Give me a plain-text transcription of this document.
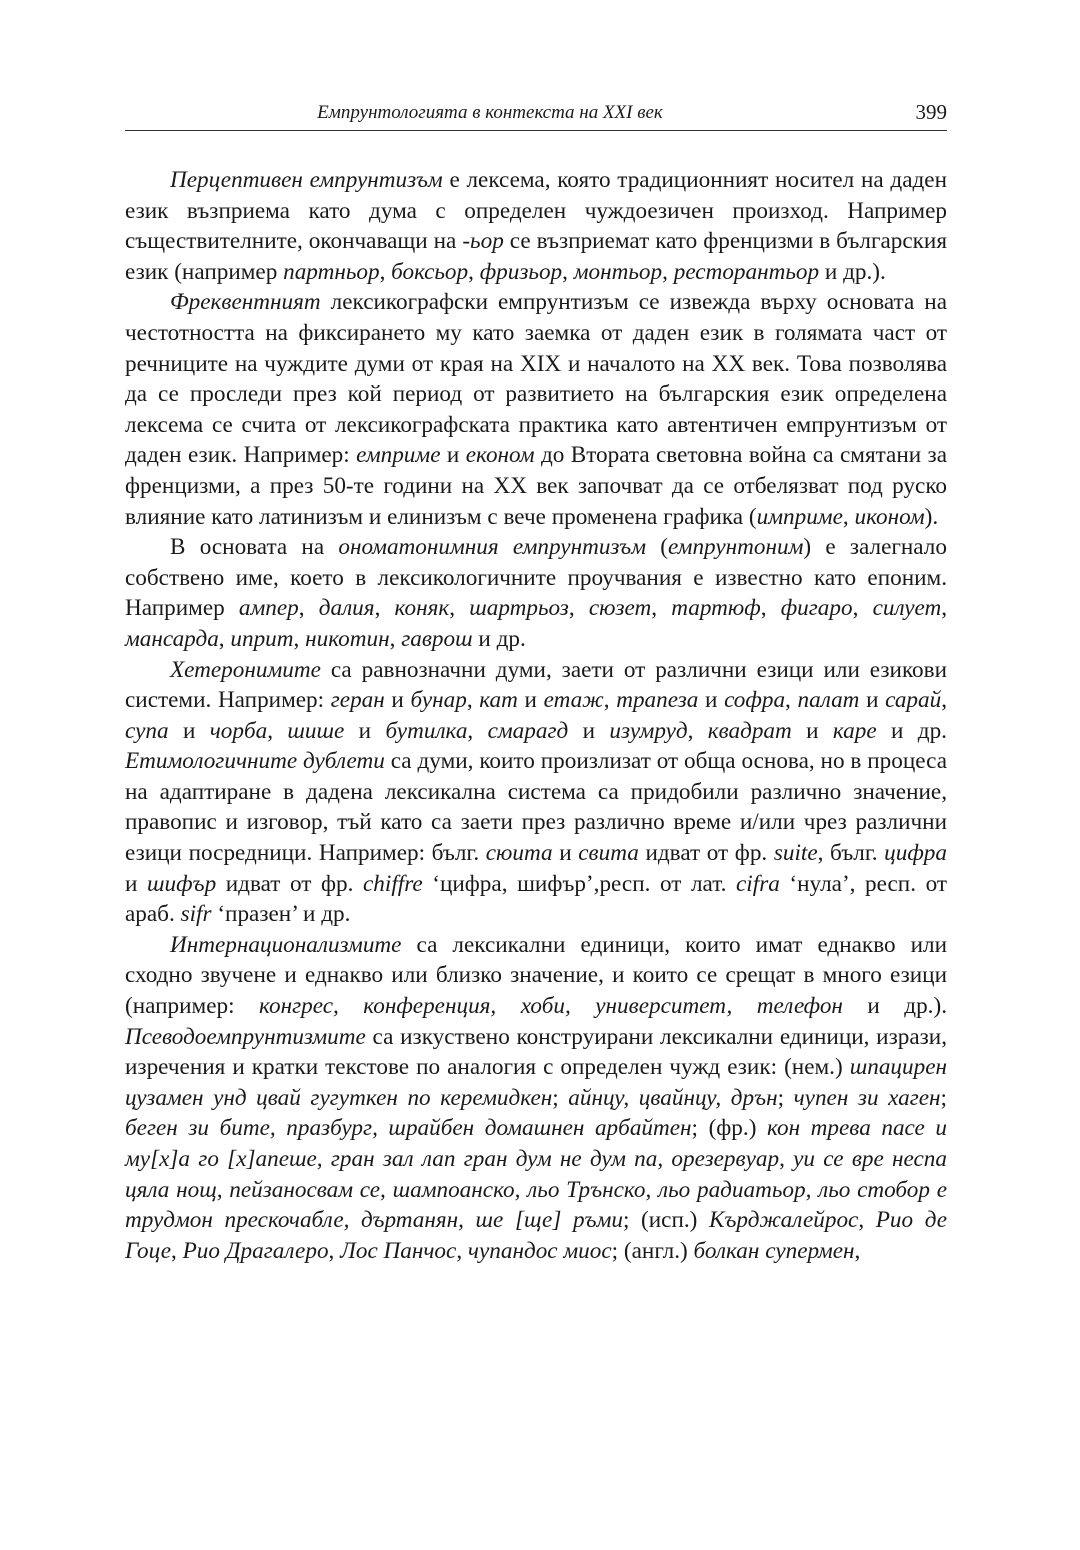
Емпрунтологията в контекста на XXI век	399

Перцептивен емпрунтизъм е лексема, която традиционният носител на даден език възприема като дума с определен чуждоезичен произход. Например съществителните, окончаващи на -ьор се възприемат като френцизми в българския език (например партньор, боксьор, фризьор, монтьор, ресторантьор и др.).

Фреквентният лексикографски емпрунтизъм се извежда върху основата на честотността на фиксирането му като заемка от даден език в голямата част от речниците на чуждите думи от края на XIX и началото на XX век. Това позволява да се проследи през кой период от развитието на българския език определена лексема се счита от лексикографската практика като автентичен емпрунтизъм от даден език. Например: емприме и економ до Втората световна война са смятани за френцизми, а през 50-те години на XX век започват да се отбелязват под руско влияние като латинизъм и елинизъм с вече променена графика (имприме, иконом).

В основата на ономатонимния емпрунтизъм (емпрунтоним) е залегнало собствено име, което в лексикологичните проучвания е известно като епоним. Например ампер, далия, коняк, шартрьоз, сюзет, тартюф, фигаро, силует, мансарда, иприт, никотин, гаврош и др.

Хетеронимите са равнозначни думи, заети от различни езици или езикови системи. Например: геран и бунар, кат и етаж, трапеза и софра, палат и сарай, супа и чорба, шише и бутилка, смарагд и изумруд, квадрат и каре и др. Етимологичните дублети са думи, които произлизат от обща основа, но в процеса на адаптиране в дадена лексикална система са придобили различно значение, правопис и изговор, тъй като са заети през различно време и/или чрез различни езици посредници. Например: бълг. сюита и свита идват от фр. suite, бълг. цифра и шифър идват от фр. chiffre ‘цифра, шифър’,респ. от лат. cifra ‘нула’, респ. от араб. sifr ‘празен’ и др.

Интернационализмите са лексикални единици, които имат еднакво или сходно звучене и еднакво или близко значение, и които се срещат в много езици (например: конгрес, конференция, хоби, университет, телефон и др.). Псеводоемпрунтизмите са изкуствено конструирани лексикални единици, изрази, изречения и кратки текстове по аналогия с определен чужд език: (нем.) шпацирен цузамен унд цвай гугуткен по керемидкен; айнцу, цвайнцу, дрън; чупен зи хаген; беген зи бите, празбург, шрайбен домашнен арбайтен; (фр.) кон трева пасе и му[х]а го [х]апеше, гран зал лап гран дум не дум па, орезервуар, уи се вре неспа цяла нощ, пейзаносвам се, шампоанско, льо Трънско, льо радиатьор, льо стобор е трудмон прескочабле, дъртанян, ше [ще] ръми; (исп.) Кърджалейрос, Рио де Гоце, Рио Драгалеро, Лос Панчос, чупандос миос; (англ.) болкан супермен,
